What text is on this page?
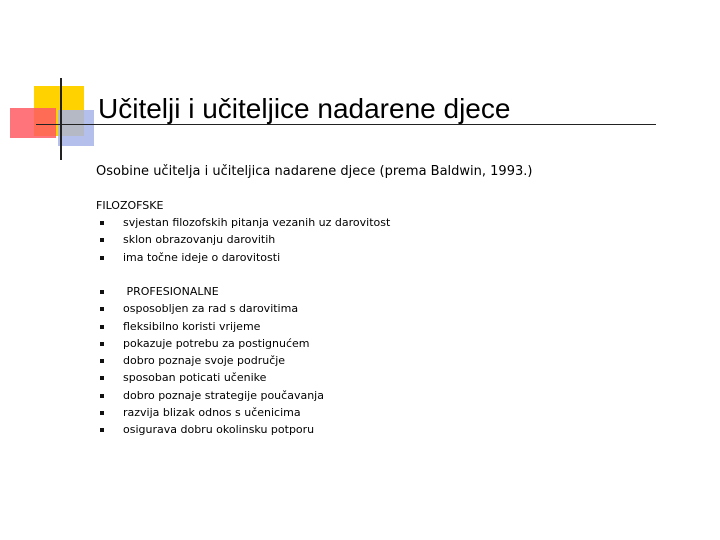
Učitelji i učiteljice nadarene djece
Osobine učitelja i učiteljica nadarene djece (prema Baldwin, 1993.)
FILOZOFSKE
svjestan filozofskih pitanja vezanih uz darovitost
sklon obrazovanju darovitih
ima točne ideje o darovitosti
PROFESIONALNE
osposobljen za rad s darovitima
fleksibilno koristi vrijeme
pokazuje potrebu za postignućem
dobro poznaje svoje područje
sposoban poticati učenike
dobro poznaje strategije poučavanja
razvija blizak odnos s učenicima
osigurava dobru okolinsku potporu
